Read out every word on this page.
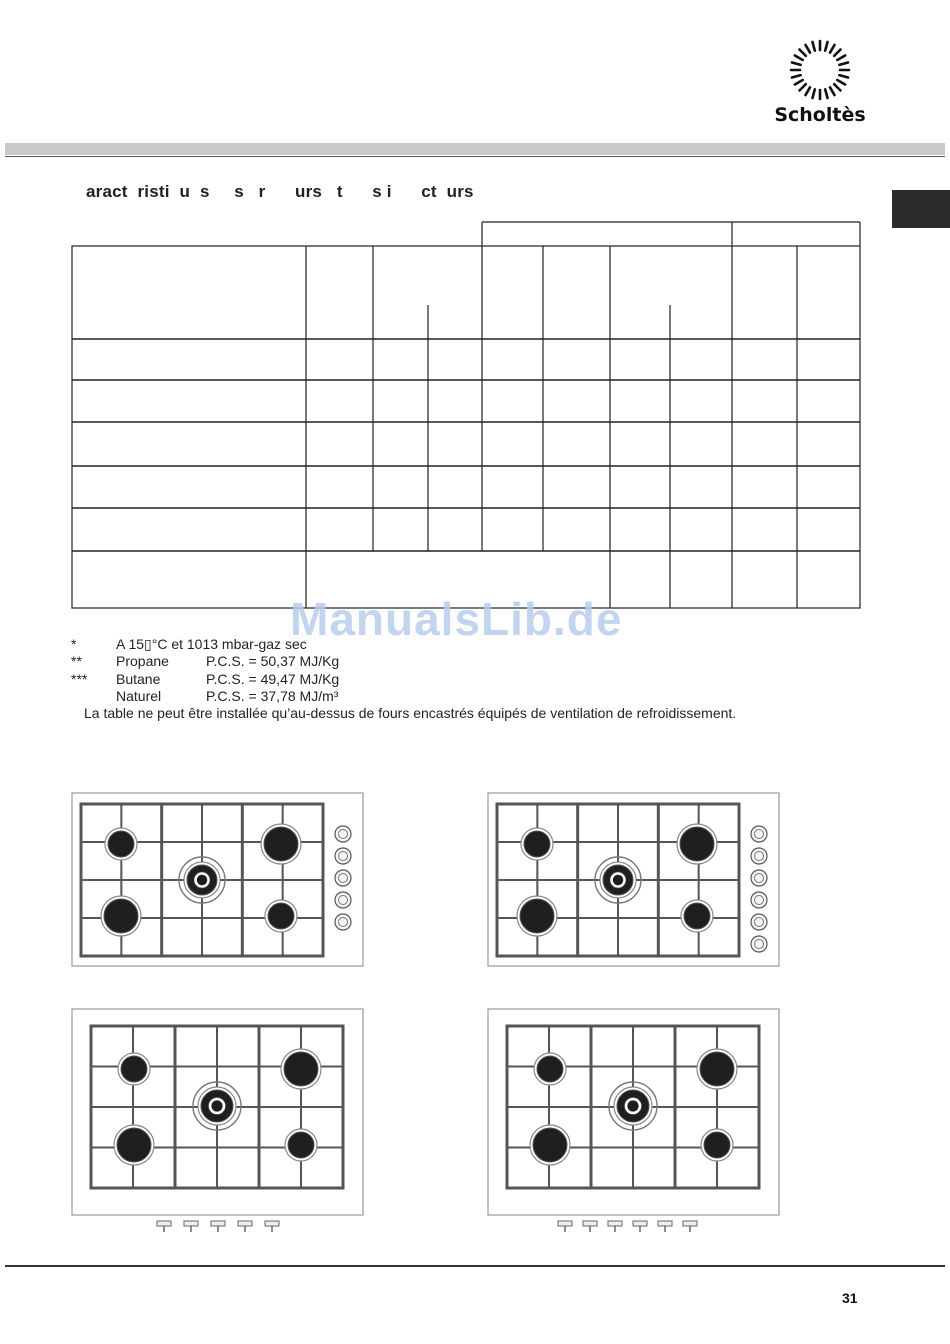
Scholtès
aract  risti  u  s     s   r      urs   t      s i      ct  urs
ManualsLib.de
*	A 15▯°C et 1013 mbar-gaz sec
** Propane	P.C.S. = 50,37 MJ/Kg
*** Butane	P.C.S. = 49,47 MJ/Kg
Naturel	P.C.S. = 37,78 MJ/m³
La table ne peut être installée qu’au-dessus de fours encastrés équipés de ventilation de refroidissement.
31
